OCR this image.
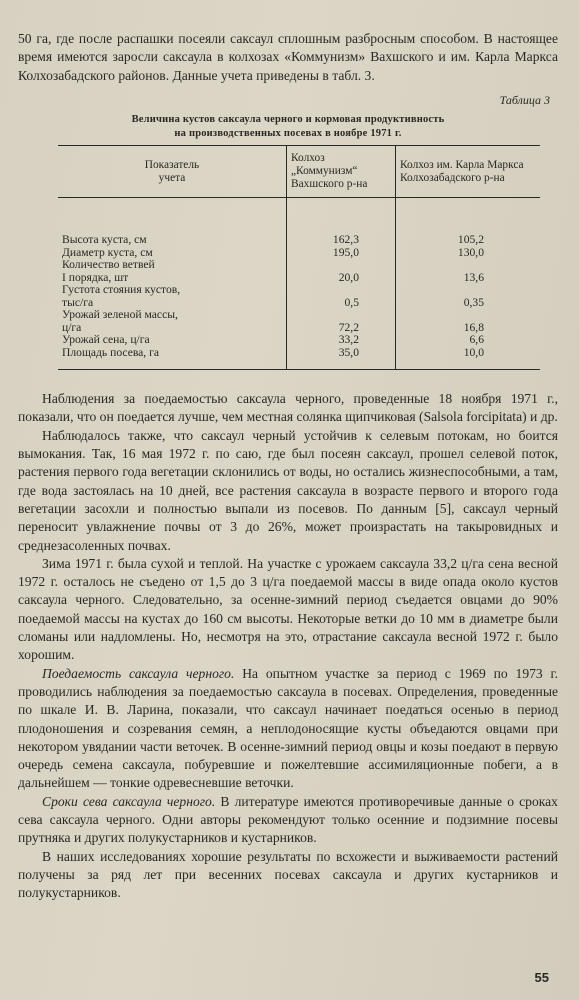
50 га, где после распашки посеяли саксаул сплошным разбросным способом. В настоящее время имеются заросли саксаула в колхозах «Коммунизм» Вахшского и им. Карла Маркса Колхозабадского районов. Данные учета приведены в табл. 3.

Таблица 3
Величина кустов саксаула черного и кормовая продуктивность
на производственных посевах в ноябре 1971 г.
Показатель
учета	Колхоз „Коммунизм“ Вахшского р-на	Колхоз им. Карла Маркса Колхозабадского р-на
Высота куста, см	162,3	105,2
Диаметр куста, см	195,0	130,0
Количество ветвей		
I порядка, шт	20,0	13,6
Густота стояния кустов,		
тыс/га	0,5	0,35
Урожай зеленой массы,		
ц/га	72,2	16,8
Урожай сена, ц/га	33,2	6,6
Площадь посева, га	35,0	10,0

Наблюдения за поедаемостью саксаула черного, проведенные 18 ноября 1971 г., показали, что он поедается лучше, чем местная солянка щипчиковая (Salsola forcipitata) и др.

Наблюдалось также, что саксаул черный устойчив к селевым потокам, но боится вымокания. Так, 16 мая 1972 г. по саю, где был посеян саксаул, прошел селевой поток, растения первого года вегетации склонились от воды, но остались жизнеспособными, а там, где вода застоялась на 10 дней, все растения саксаула в возрасте первого и второго года вегетации засохли и полностью выпали из посевов. По данным [5], саксаул черный переносит увлажнение почвы от 3 до 26%, может произрастать на такыровидных и среднезасоленных почвах.

Зима 1971 г. была сухой и теплой. На участке с урожаем саксаула 33,2 ц/га сена весной 1972 г. осталось не съедено от 1,5 до 3 ц/га поедаемой массы в виде опада около кустов саксаула черного. Следовательно, за осенне-зимний период съедается овцами до 90% поедаемой массы на кустах до 160 см высоты. Некоторые ветки до 10 мм в диаметре были сломаны или надломлены. Но, несмотря на это, отрастание саксаула весной 1972 г. было хорошим.

Поедаемость саксаула черного. На опытном участке за период с 1969 по 1973 г. проводились наблюдения за поедаемостью саксаула в посевах. Определения, проведенные по шкале И. В. Ларина, показали, что саксаул начинает поедаться осенью в период плодоношения и созревания семян, а неплодоносящие кусты объедаются овцами при некотором увядании части веточек. В осенне-зимний период овцы и козы поедают в первую очередь семена саксаула, побуревшие и пожелтевшие ассимиляционные побеги, а в дальнейшем — тонкие одревесневшие веточки.

Сроки сева саксаула черного. В литературе имеются противоречивые данные о сроках сева саксаула черного. Одни авторы рекомендуют только осенние и подзимние посевы прутняка и других полукустарников и кустарников.

В наших исследованиях хорошие результаты по всхожести и выживаемости растений получены за ряд лет при весенних посевах саксаула и других кустарников и полукустарников.

55
